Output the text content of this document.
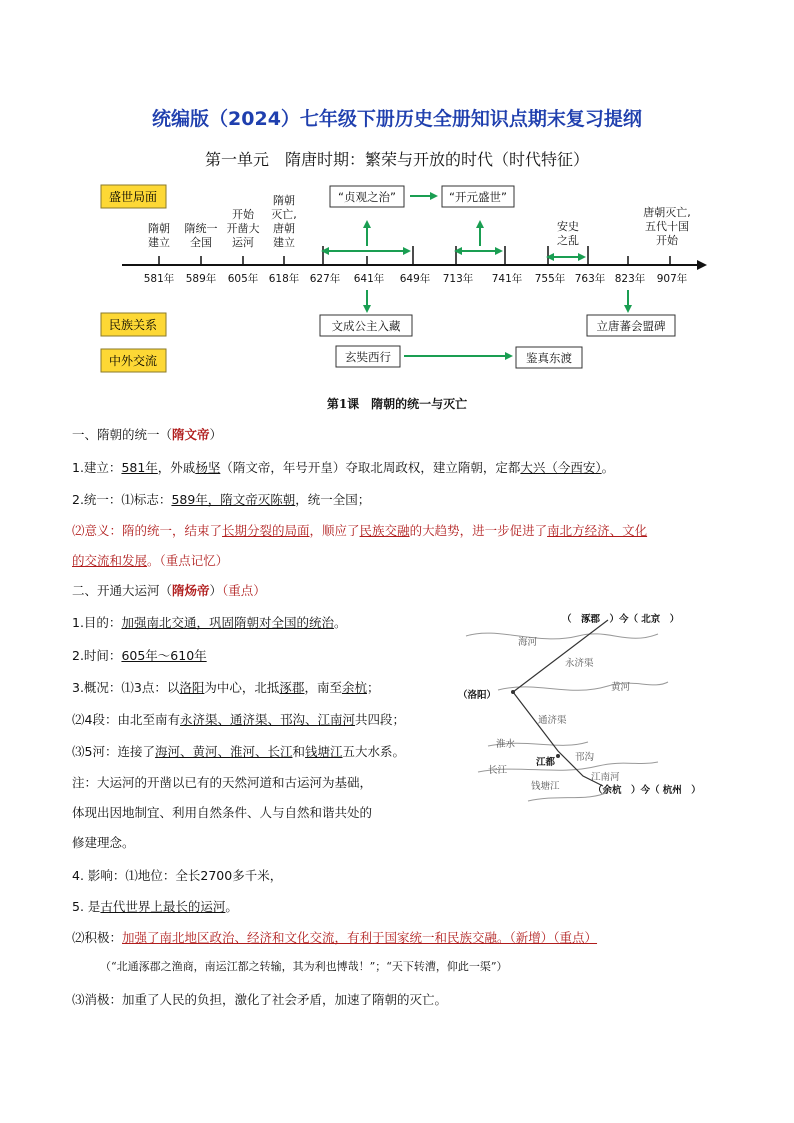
统编版（2024）七年级下册历史全册知识点期末复习提纲
第一单元　隋唐时期：繁荣与开放的时代（时代特征）
盛世局面
民族关系
中外交流
581年 589年 605年 618年 627年 641年 649年 713年 741年 755年 763年 823年 907年
隋朝
建立
隋统一
全国
开始
开凿大
运河
隋朝
灭亡,
唐朝
建立
安史
之乱
唐朝灭亡,
五代十国
开始
“贞观之治”	“开元盛世”
文成公主入藏	立唐蕃会盟碑
玄奘西行	鉴真东渡
第1课　隋朝的统一与灭亡
一、隋朝的统一（隋文帝）
1.建立：581年，外戚杨坚（隋文帝，年号开皇）夺取北周政权，建立隋朝，定都大兴（今西安）。
2.统一：⑴标志：589年，隋文帝灭陈朝，统一全国；
⑵意义：隋的统一，结束了长期分裂的局面，顺应了民族交融的大趋势，进一步促进了南北方经济、文化
的交流和发展。（重点记忆）
二、开通大运河（隋炀帝）（重点）
1.目的：加强南北交通，巩固隋朝对全国的统治。
2.时间：605年～610年
3.概况：⑴3点：以洛阳为中心，北抵涿郡，南至余杭；
⑵4段：由北至南有永济渠、通济渠、邗沟、江南河共四段；
⑶5河：连接了海河、黄河、淮河、长江和钱塘江五大水系。
注：大运河的开凿以已有的天然河道和古运河为基础，
体现出因地制宜、利用自然条件、人与自然和谐共处的
修建理念。
4. 影响：⑴地位：全长2700多千米，
5. 是古代世界上最长的运河。
⑵积极：加强了南北地区政治、经济和文化交流，有利于国家统一和民族交融。（新增）（重点）
（“北通涿郡之渔商，南运江都之转输，其为利也博哉！”；“天下转漕，仰此一渠”）
⑶消极：加重了人民的负担，激化了社会矛盾，加速了隋朝的灭亡。
（　涿郡　）今（ 北京　）
海河
永济渠
黄河
（洛阳）
通济渠
淮水
邗沟
长江
江都
江南河
钱塘江	（余杭　）今（ 杭州　）
